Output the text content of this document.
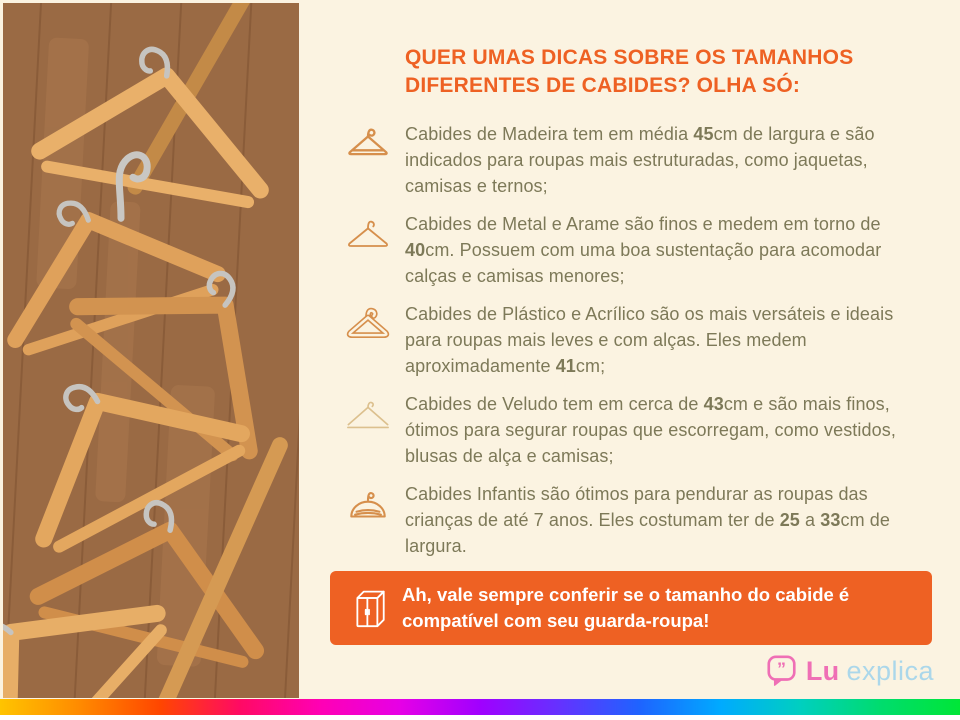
QUER UMAS DICAS SOBRE OS TAMANHOS
DIFERENTES DE CABIDES? OLHA SÓ:

Cabides de Madeira tem em média 45cm de largura e são indicados para roupas mais estruturadas, como jaquetas, camisas e ternos;

Cabides de Metal e Arame são finos e medem em torno de 40cm. Possuem com uma boa sustentação para acomodar calças e camisas menores;

Cabides de Plástico e Acrílico são os mais versáteis e ideais para roupas mais leves e com alças. Eles medem aproximadamente 41cm;

Cabides de Veludo tem em cerca de 43cm e são mais finos, ótimos para segurar roupas que escorregam, como vestidos, blusas de alça e camisas;

Cabides Infantis são ótimos para pendurar as roupas das crianças de até 7 anos. Eles costumam ter de 25 a 33cm de largura.

Ah, vale sempre conferir se o tamanho do cabide é compatível com seu guarda-roupa!

” Lu explica
